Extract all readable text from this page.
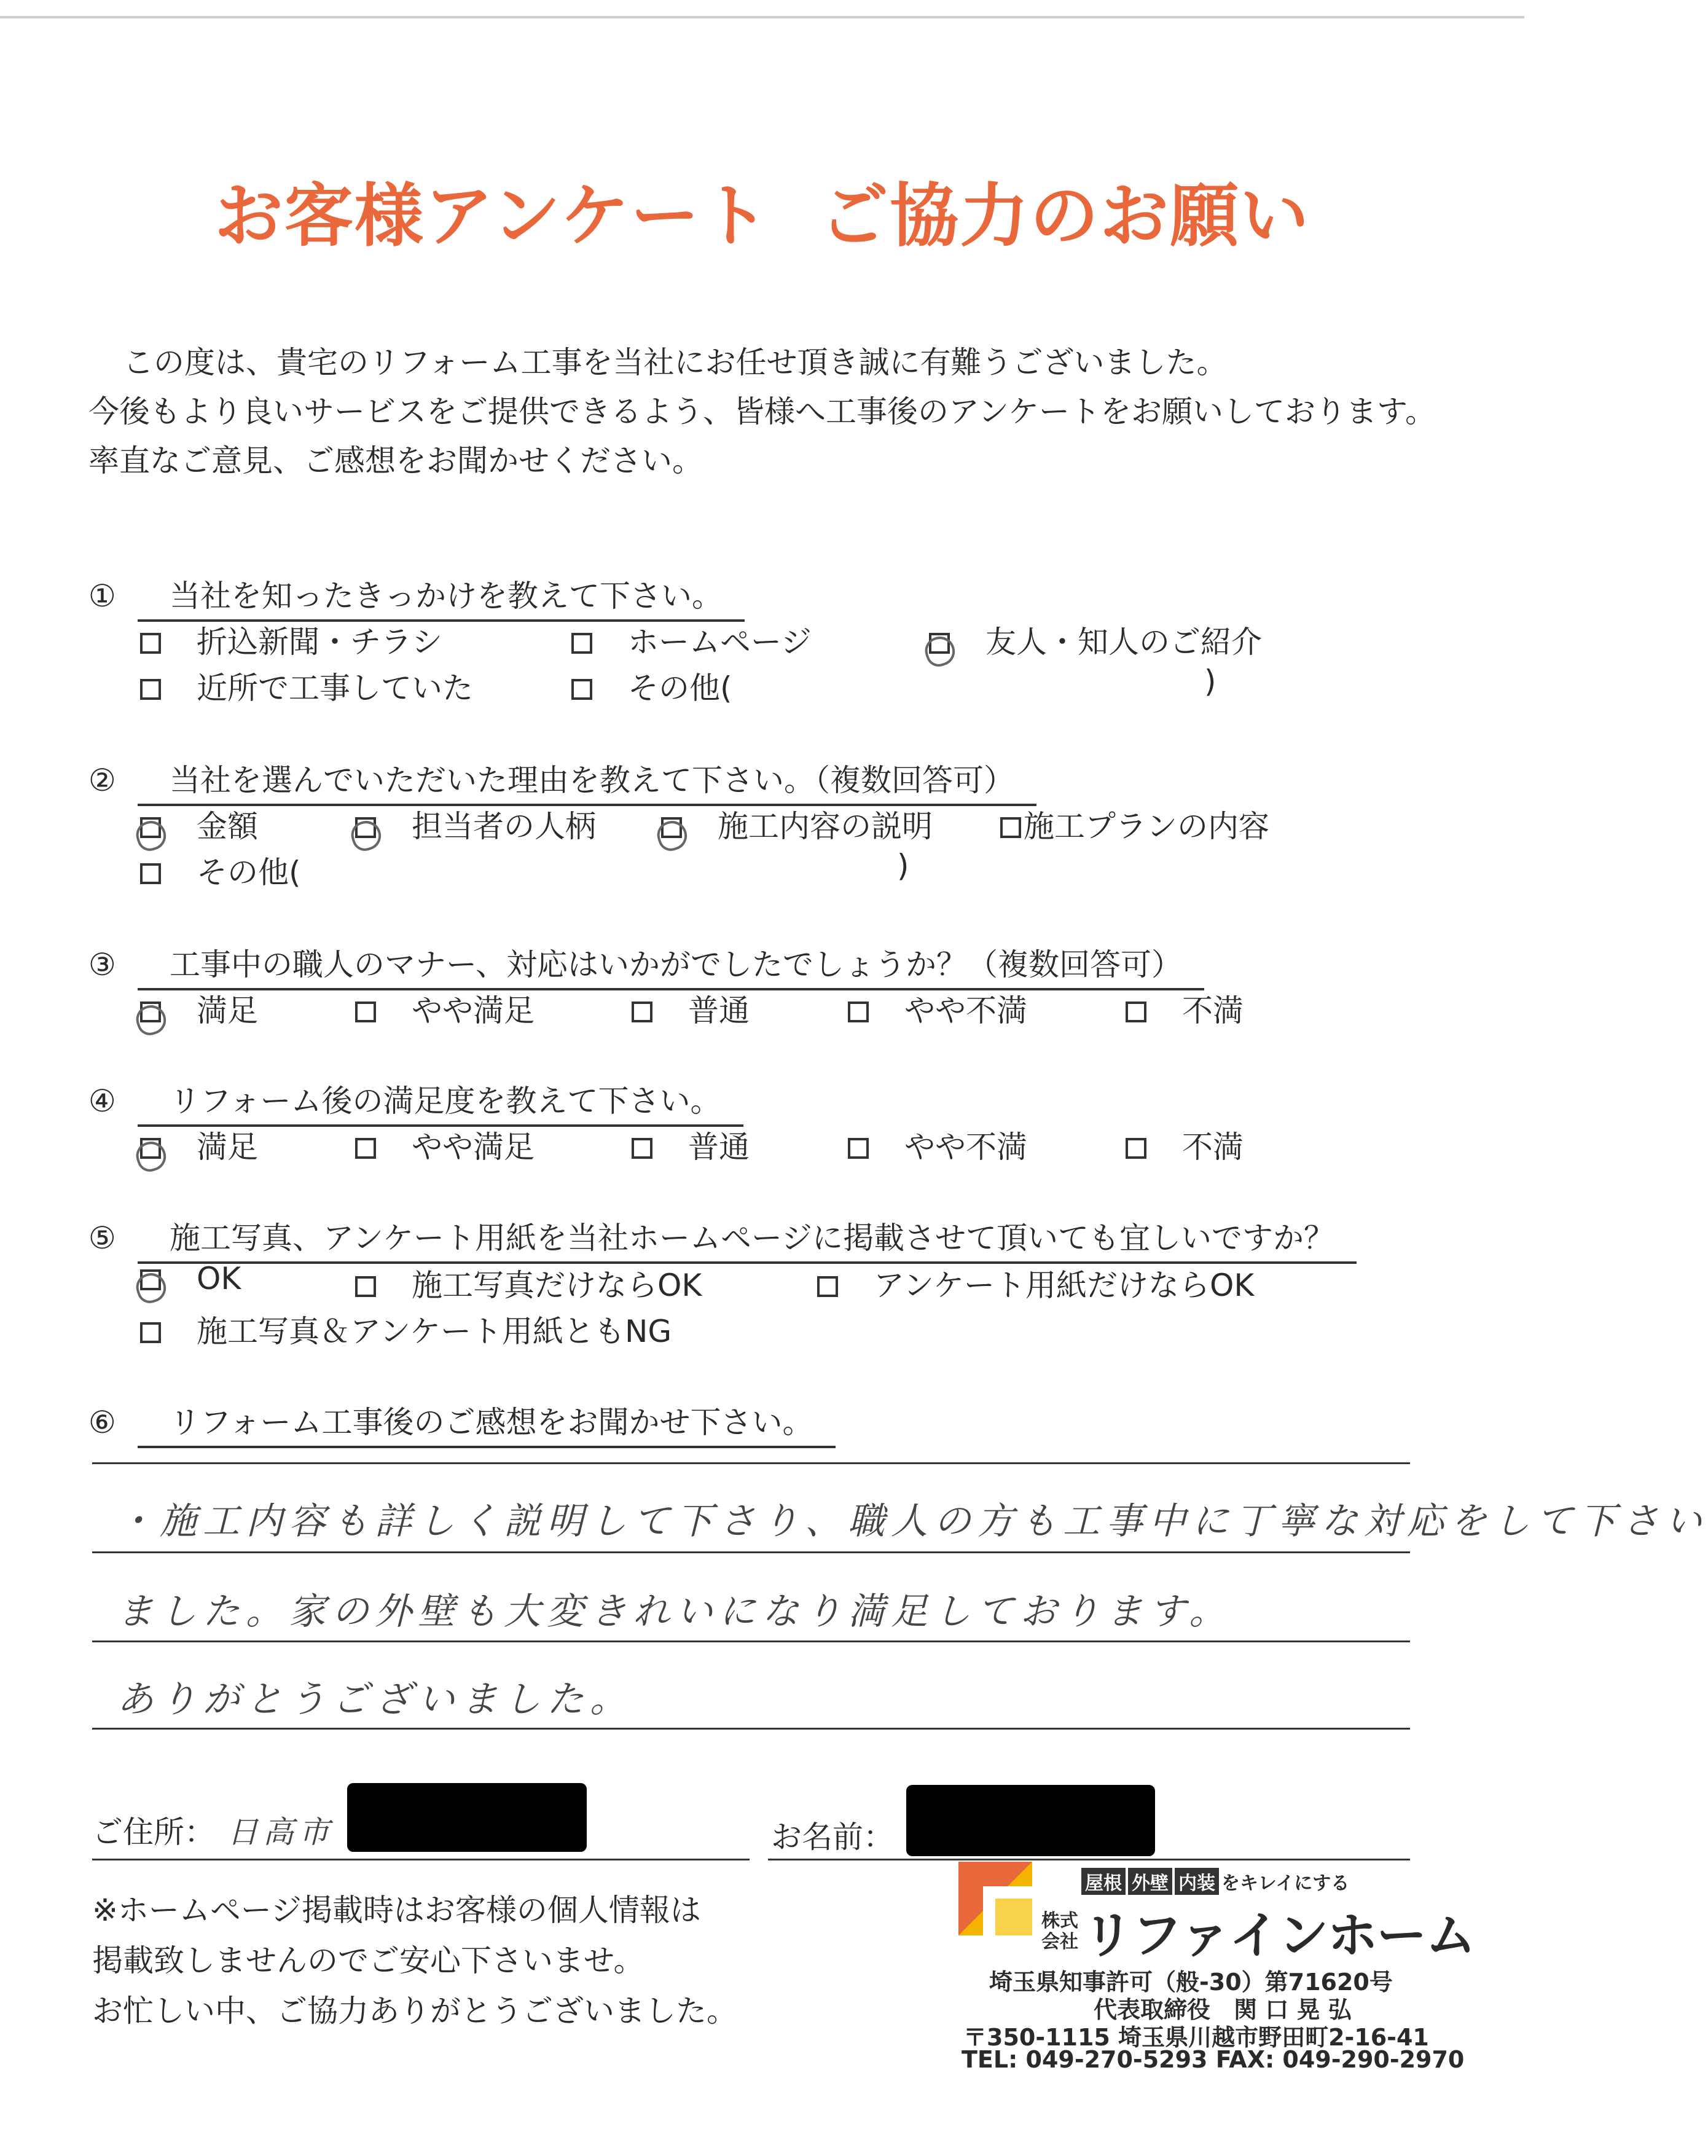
お客様アンケート ご協力のお願い
この度は、貴宅のリフォーム工事を当社にお任せ頂き誠に有難うございました。
今後もより良いサービスをご提供できるよう、皆様へ工事後のアンケートをお願いしております。
率直なご意見、ご感想をお聞かせください。
① 当社を知ったきっかけを教えて下さい。
折込新聞・チラシ	ホームページ	友人・知人のご紹介
近所で工事していた	その他(	)
② 当社を選んでいただいた理由を教えて下さい。（複数回答可）
金額	担当者の人柄	施工内容の説明	施工プランの内容
その他(	)
③ 工事中の職人のマナー、対応はいかがでしたでしょうか？（複数回答可）
満足	やや満足	普通	やや不満	不満
④ リフォーム後の満足度を教えて下さい。
満足	やや満足	普通	やや不満	不満
⑤ 施工写真、アンケート用紙を当社ホームページに掲載させて頂いても宜しいですか？
OK	施工写真だけならOK	アンケート用紙だけならOK
施工写真＆アンケート用紙ともNG
⑥ リフォーム工事後のご感想をお聞かせ下さい。
・施工内容も詳しく説明して下さり、職人の方も工事中に丁寧な対応をして下さい
ました。家の外壁も大変きれいになり満足しております。
ありがとうございました。
ご住所： 日高市	お名前：
※ホームページ掲載時はお客様の個人情報は
掲載致しませんのでご安心下さいませ。
お忙しい中、ご協力ありがとうございました。
屋根 外壁 内装 をキレイにする
株式
会社 リファインホーム
埼玉県知事許可（般-30）第71620号
代表取締役　関 口 晃 弘
〒350-1115 埼玉県川越市野田町2-16-41
TEL: 049-270-5293 FAX: 049-290-2970
